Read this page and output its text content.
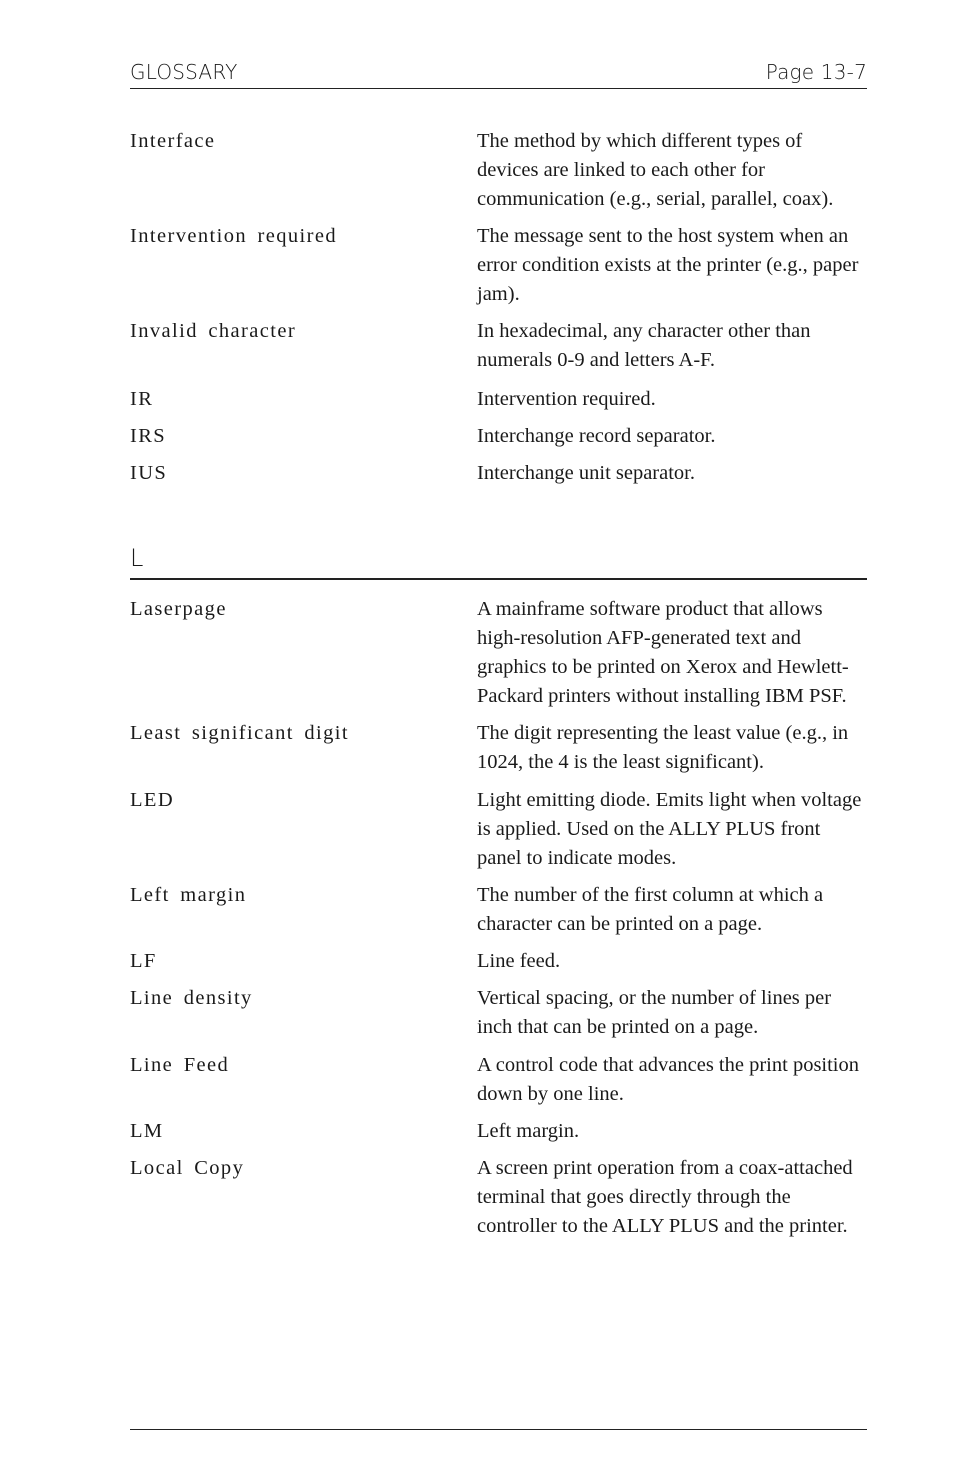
GLOSSARY	Page 13-7
Interface	The method by which different types of devices are linked to each other for communication (e.g., serial, parallel, coax).
Intervention required	The message sent to the host system when an error condition exists at the printer (e.g., paper jam).
Invalid character	In hexadecimal, any character other than numerals 0-9 and letters A-F.
IR	Intervention required.
IRS	Interchange record separator.
IUS	Interchange unit separator.
L
Laserpage	A mainframe software product that allows high-resolution AFP-generated text and graphics to be printed on Xerox and Hewlett-Packard printers without installing IBM PSF.
Least significant digit	The digit representing the least value (e.g., in 1024, the 4 is the least significant).
LED	Light emitting diode. Emits light when voltage is applied. Used on the ALLY PLUS front panel to indicate modes.
Left margin	The number of the first column at which a character can be printed on a page.
LF	Line feed.
Line density	Vertical spacing, or the number of lines per inch that can be printed on a page.
Line Feed	A control code that advances the print position down by one line.
LM	Left margin.
Local Copy	A screen print operation from a coax-attached terminal that goes directly through the controller to the ALLY PLUS and the printer.
